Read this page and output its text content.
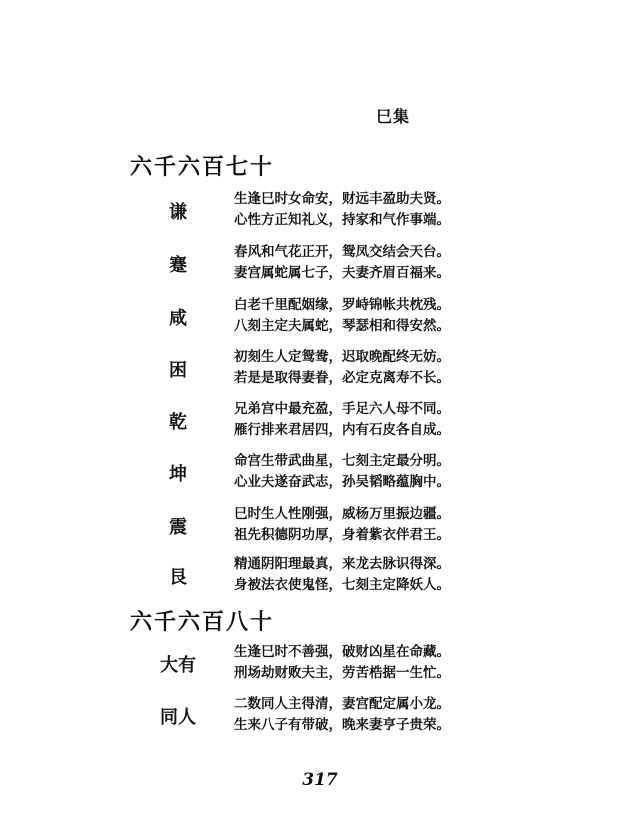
巳集
六千六百七十
谦
生逢巳时女命安，财远丰盈助夫贤。
心性方正知礼义，持家和气作事端。
蹇
春风和气花正开，鸳凤交结会天台。
妻宫属蛇属七子，夫妻齐眉百福来。
咸
白老千里配姻缘，罗峙锦帐共枕残。
八刻主定夫属蛇，琴瑟相和得安然。
困
初刻生人定鸳鸯，迟取晚配终无妨。
若是是取得妻眷，必定克离寿不长。
乾
兄弟宫中最充盈，手足六人母不同。
雁行排来君居四，内有石皮各自成。
坤
命宫生带武曲星，七刻主定最分明。
心业夫遂奋武志，孙吴韬略蕴胸中。
震
巳时生人性刚强，威杨万里振边疆。
祖先积德阴功厚，身着紫衣伴君王。
艮
精通阴阳理最真，来龙去脉识得深。
身被法衣使鬼怪，七刻主定降妖人。
六千六百八十
大有
生逢巳时不善强，破财凶星在命藏。
刑场劫财败夫主，劳苦梏据一生忙。
同人
二数同人主得清，妻宫配定属小龙。
生来八子有带破，晚来妻亨子贵荣。
317
